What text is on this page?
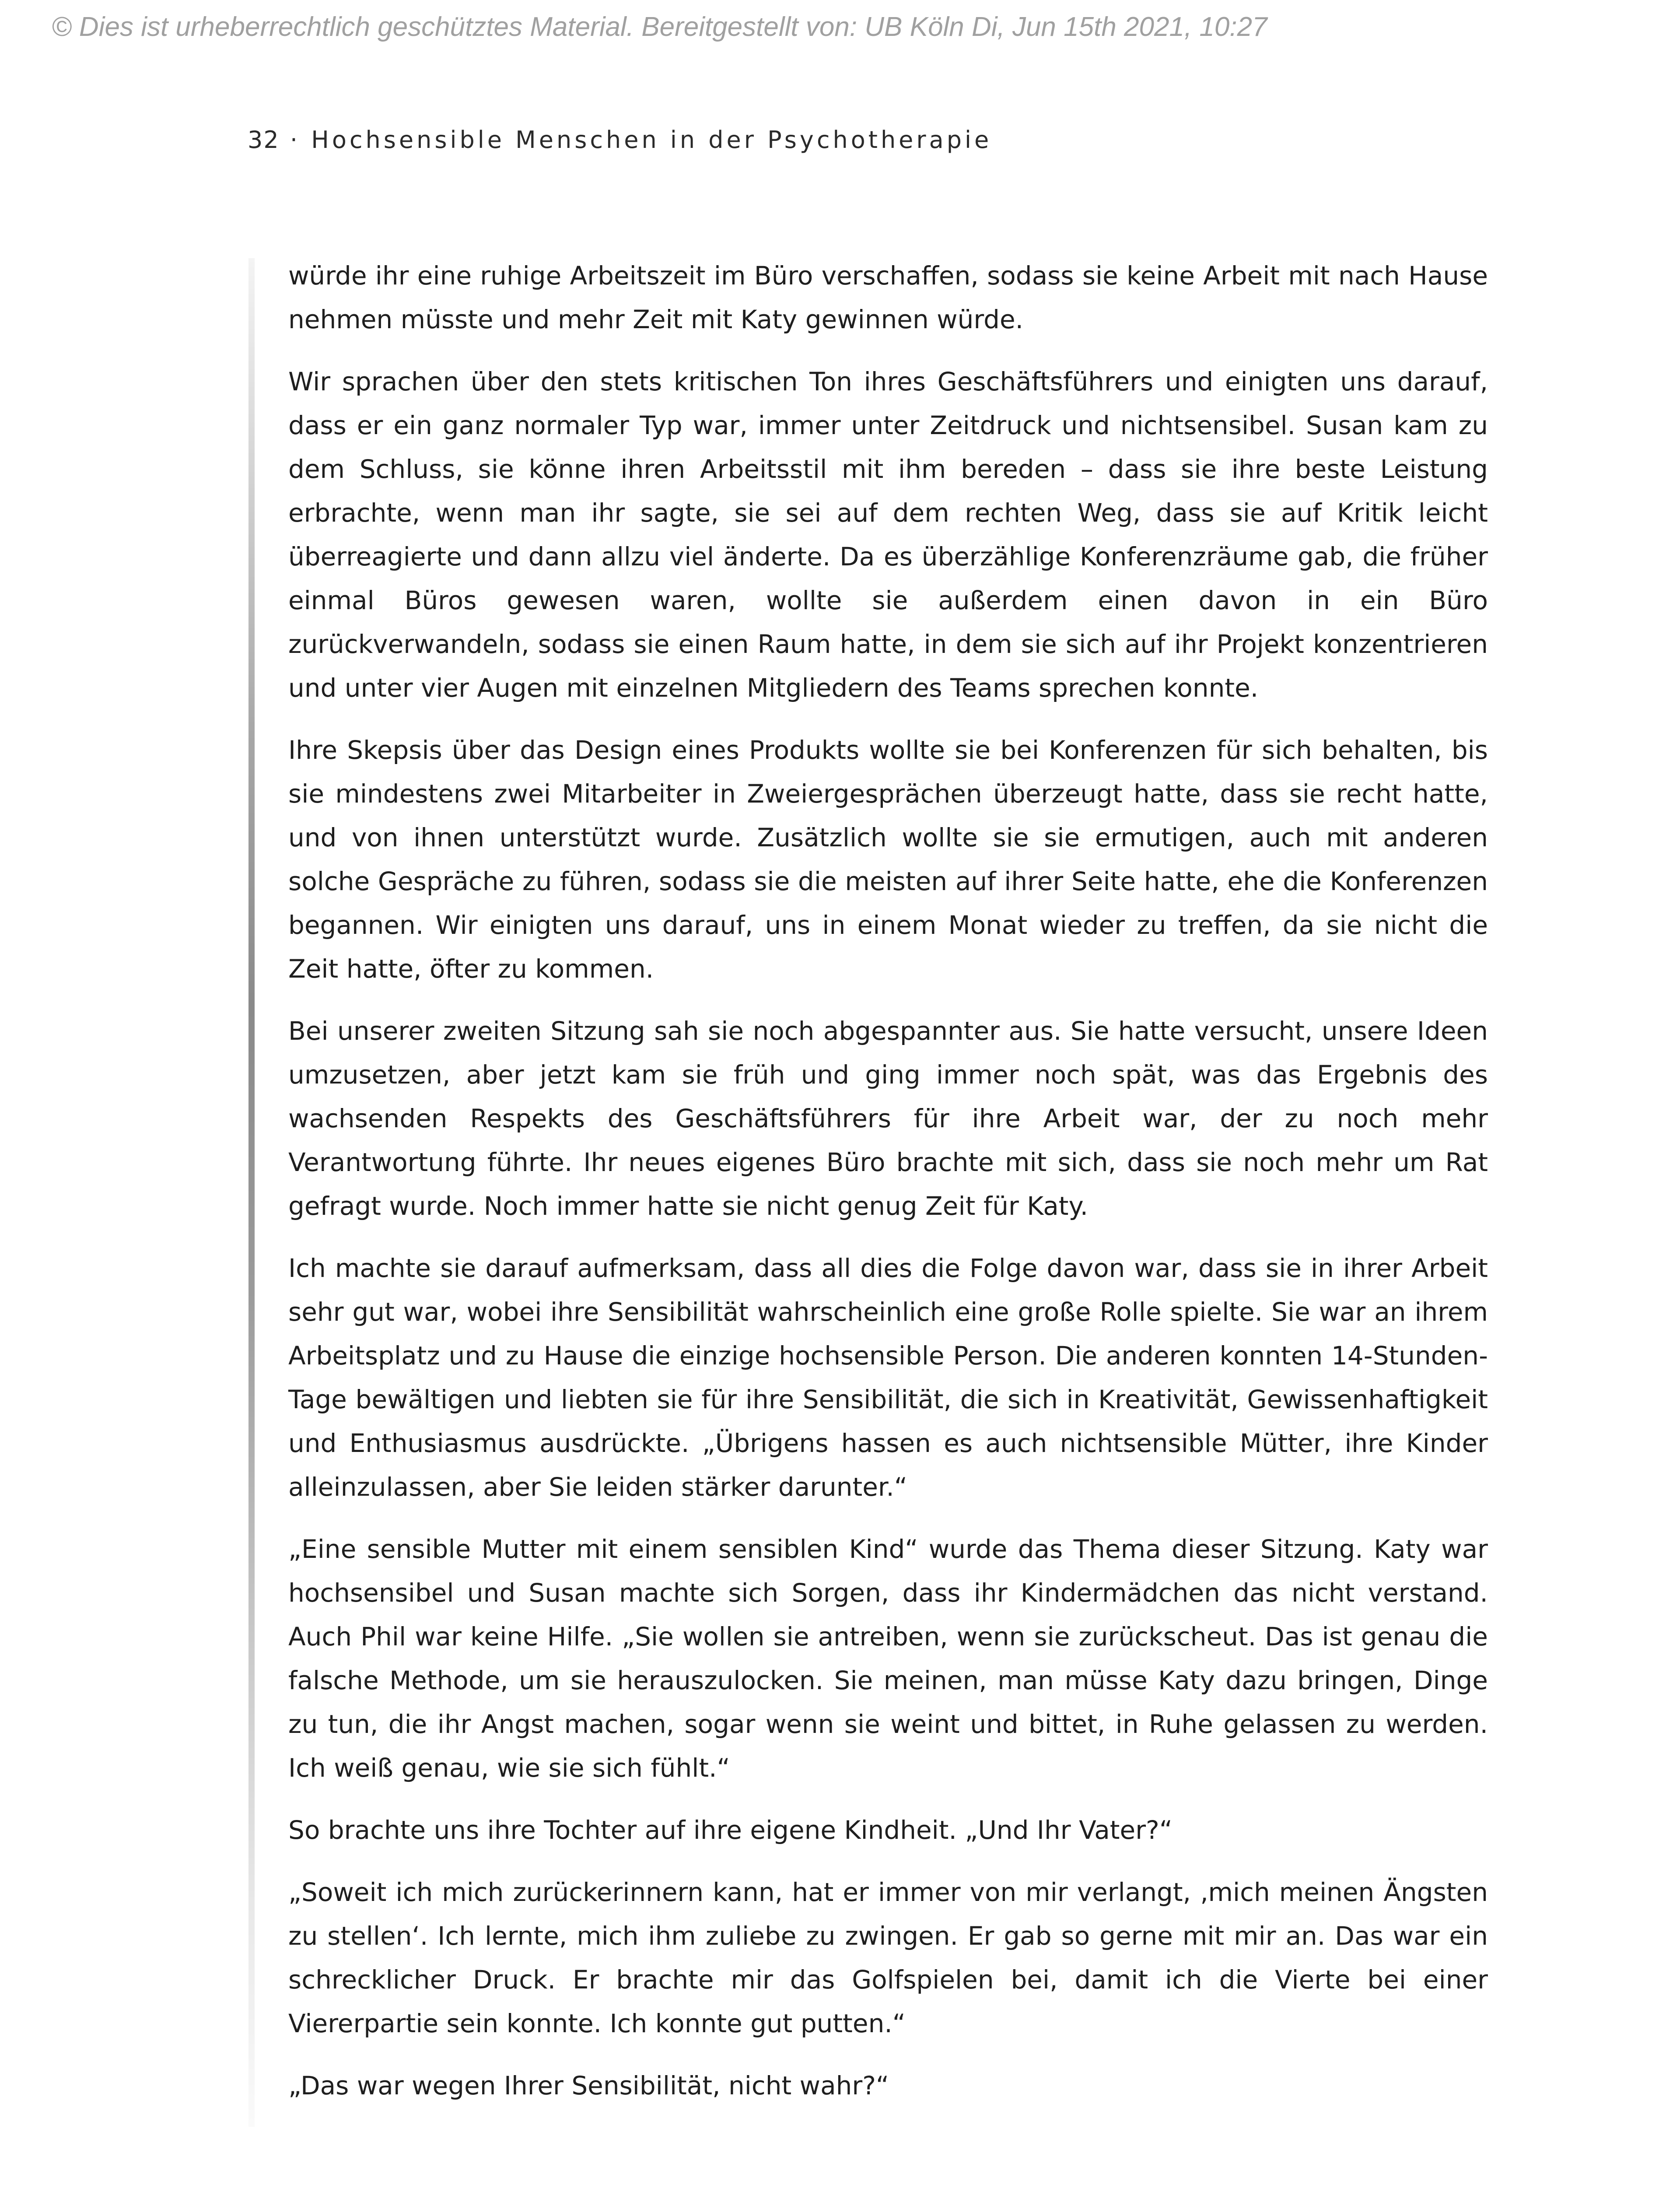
© Dies ist urheberrechtlich geschütztes Material. Bereitgestellt von: UB Köln Di, Jun 15th 2021, 10:27
32 · Hochsensible Menschen in der Psychotherapie

würde ihr eine ruhige Arbeitszeit im Büro verschaffen, sodass sie keine Arbeit mit nach Hause nehmen müsste und mehr Zeit mit Katy gewinnen würde.

Wir sprachen über den stets kritischen Ton ihres Geschäftsführers und einigten uns darauf, dass er ein ganz normaler Typ war, immer unter Zeitdruck und nichtsensibel. Susan kam zu dem Schluss, sie könne ihren Arbeitsstil mit ihm bereden – dass sie ihre beste Leistung erbrachte, wenn man ihr sagte, sie sei auf dem rechten Weg, dass sie auf Kritik leicht überreagierte und dann allzu viel änderte. Da es überzählige Konferenzräume gab, die früher einmal Büros gewesen waren, wollte sie außerdem einen davon in ein Büro zurückverwandeln, sodass sie einen Raum hatte, in dem sie sich auf ihr Projekt konzentrieren und unter vier Augen mit einzelnen Mitgliedern des Teams sprechen konnte.

Ihre Skepsis über das Design eines Produkts wollte sie bei Konferenzen für sich behalten, bis sie mindestens zwei Mitarbeiter in Zweiergesprächen überzeugt hatte, dass sie recht hatte, und von ihnen unterstützt wurde. Zusätzlich wollte sie sie ermutigen, auch mit anderen solche Gespräche zu führen, sodass sie die meisten auf ihrer Seite hatte, ehe die Konferenzen begannen. Wir einigten uns darauf, uns in einem Monat wieder zu treffen, da sie nicht die Zeit hatte, öfter zu kommen.

Bei unserer zweiten Sitzung sah sie noch abgespannter aus. Sie hatte versucht, unsere Ideen umzusetzen, aber jetzt kam sie früh und ging immer noch spät, was das Ergebnis des wachsenden Respekts des Geschäftsführers für ihre Arbeit war, der zu noch mehr Verantwortung führte. Ihr neues eigenes Büro brachte mit sich, dass sie noch mehr um Rat gefragt wurde. Noch immer hatte sie nicht genug Zeit für Katy.

Ich machte sie darauf aufmerksam, dass all dies die Folge davon war, dass sie in ihrer Arbeit sehr gut war, wobei ihre Sensibilität wahrscheinlich eine große Rolle spielte. Sie war an ihrem Arbeitsplatz und zu Hause die einzige hochsensible Person. Die anderen konnten 14-Stunden-Tage bewältigen und liebten sie für ihre Sensibilität, die sich in Kreativität, Gewissenhaftigkeit und Enthusiasmus ausdrückte. „Übrigens hassen es auch nichtsensible Mütter, ihre Kinder alleinzulassen, aber Sie leiden stärker darunter.“

„Eine sensible Mutter mit einem sensiblen Kind“ wurde das Thema dieser Sitzung. Katy war hochsensibel und Susan machte sich Sorgen, dass ihr Kindermädchen das nicht verstand. Auch Phil war keine Hilfe. „Sie wollen sie antreiben, wenn sie zurückscheut. Das ist genau die falsche Methode, um sie herauszulocken. Sie meinen, man müsse Katy dazu bringen, Dinge zu tun, die ihr Angst machen, sogar wenn sie weint und bittet, in Ruhe gelassen zu werden. Ich weiß genau, wie sie sich fühlt.“

So brachte uns ihre Tochter auf ihre eigene Kindheit. „Und Ihr Vater?“

„Soweit ich mich zurückerinnern kann, hat er immer von mir verlangt, ‚mich meinen Ängsten zu stellen‘. Ich lernte, mich ihm zuliebe zu zwingen. Er gab so gerne mit mir an. Das war ein schrecklicher Druck. Er brachte mir das Golfspielen bei, damit ich die Vierte bei einer Viererpartie sein konnte. Ich konnte gut putten.“

„Das war wegen Ihrer Sensibilität, nicht wahr?“
